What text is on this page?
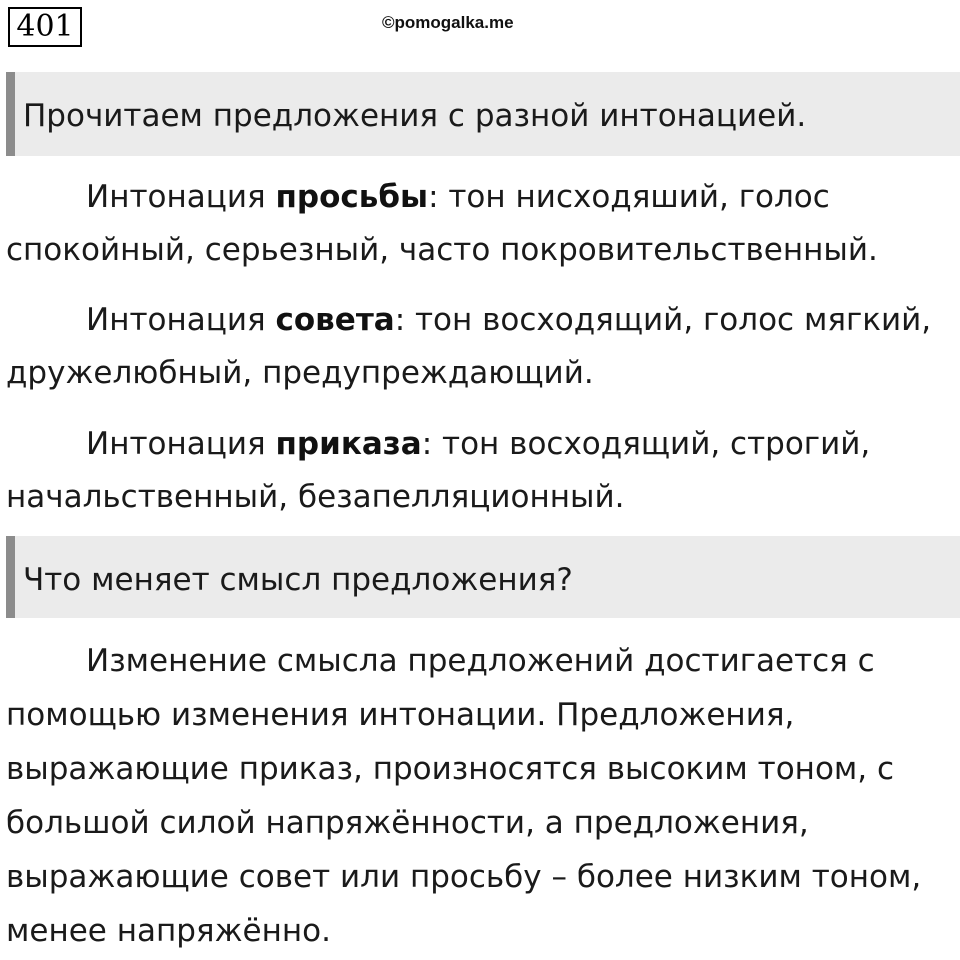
401	©pomogalka.me
Прочитаем предложения с разной интонацией.

Интонация просьбы: тон нисходяший, голос спокойный, серьезный, часто покровительственный.

Интонация совета: тон восходящий, голос мягкий, дружелюбный, предупреждающий.

Интонация приказа: тон восходящий, строгий, начальственный, безапелляционный.

Что меняет смысл предложения?

Изменение смысла предложений достигается с помощью изменения интонации. Предложения, выражающие приказ, произносятся высоким тоном, с большой силой напряжённости, а предложения, выражающие совет или просьбу – более низким тоном, менее напряжённо.
